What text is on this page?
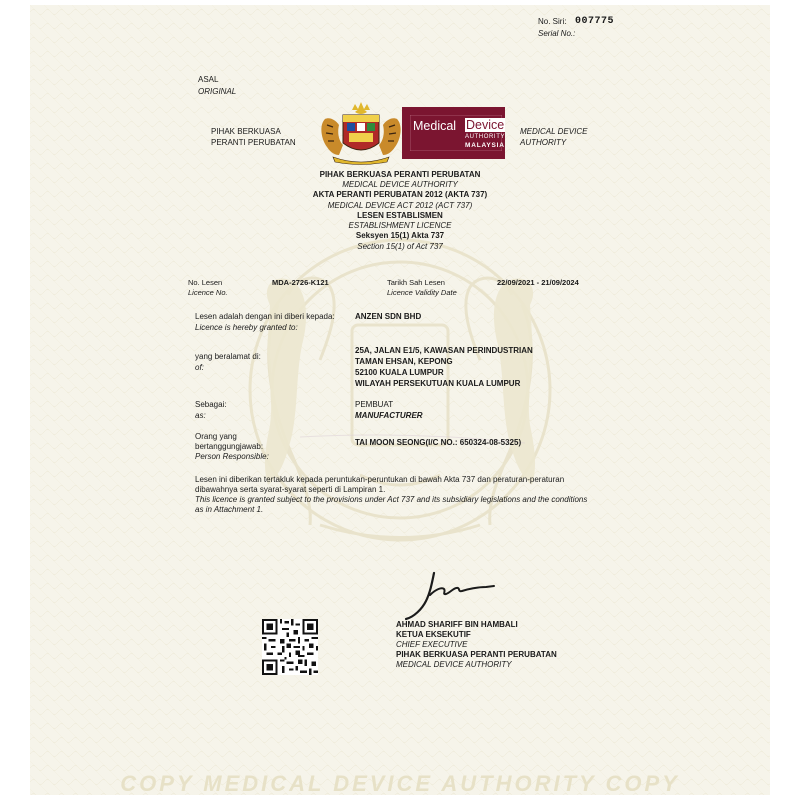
COPY MEDICAL DEVICE AUTHORITY COPY
No. Siri: 007775
Serial No.:
ASAL
ORIGINAL
PIHAK BERKUASA
PERANTI PERUBATAN
MEDICAL DEVICE
AUTHORITY
Medical Device
AUTHORITY
MALAYSIA
PIHAK BERKUASA PERANTI PERUBATAN
MEDICAL DEVICE AUTHORITY
AKTA PERANTI PERUBATAN 2012 (AKTA 737)
MEDICAL DEVICE ACT 2012 (ACT 737)
LESEN ESTABLISMEN
ESTABLISHMENT LICENCE
Seksyen 15(1) Akta 737
Section 15(1) of Act 737
No. Lesen
Licence No.
MDA-2726-K121	Tarikh Sah Lesen
Licence Validity Date
22/09/2021 - 21/09/2024
Lesen adalah dengan ini diberi kepada:
Licence is hereby granted to:
ANZEN SDN BHD
yang beralamat di:
of:
25A, JALAN E1/5, KAWASAN PERINDUSTRIAN
TAMAN EHSAN, KEPONG
52100 KUALA LUMPUR
WILAYAH PERSEKUTUAN KUALA LUMPUR
Sebagai:
as:
PEMBUAT
MANUFACTURER
Orang yang
bertanggungjawab:
Person Responsible:
TAI MOON SEONG(I/C NO.: 650324-08-5325)
Lesen ini diberikan tertakluk kepada peruntukan-peruntukan di bawah Akta 737 dan peraturan-peraturan
dibawahnya serta syarat-syarat seperti di Lampiran 1.
This licence is granted subject to the provisions under Act 737 and its subsidiary legislations and the conditions
as in Attachment 1.
AHMAD SHARIFF BIN HAMBALI
KETUA EKSEKUTIF
CHIEF EXECUTIVE
PIHAK BERKUASA PERANTI PERUBATAN
MEDICAL DEVICE AUTHORITY
